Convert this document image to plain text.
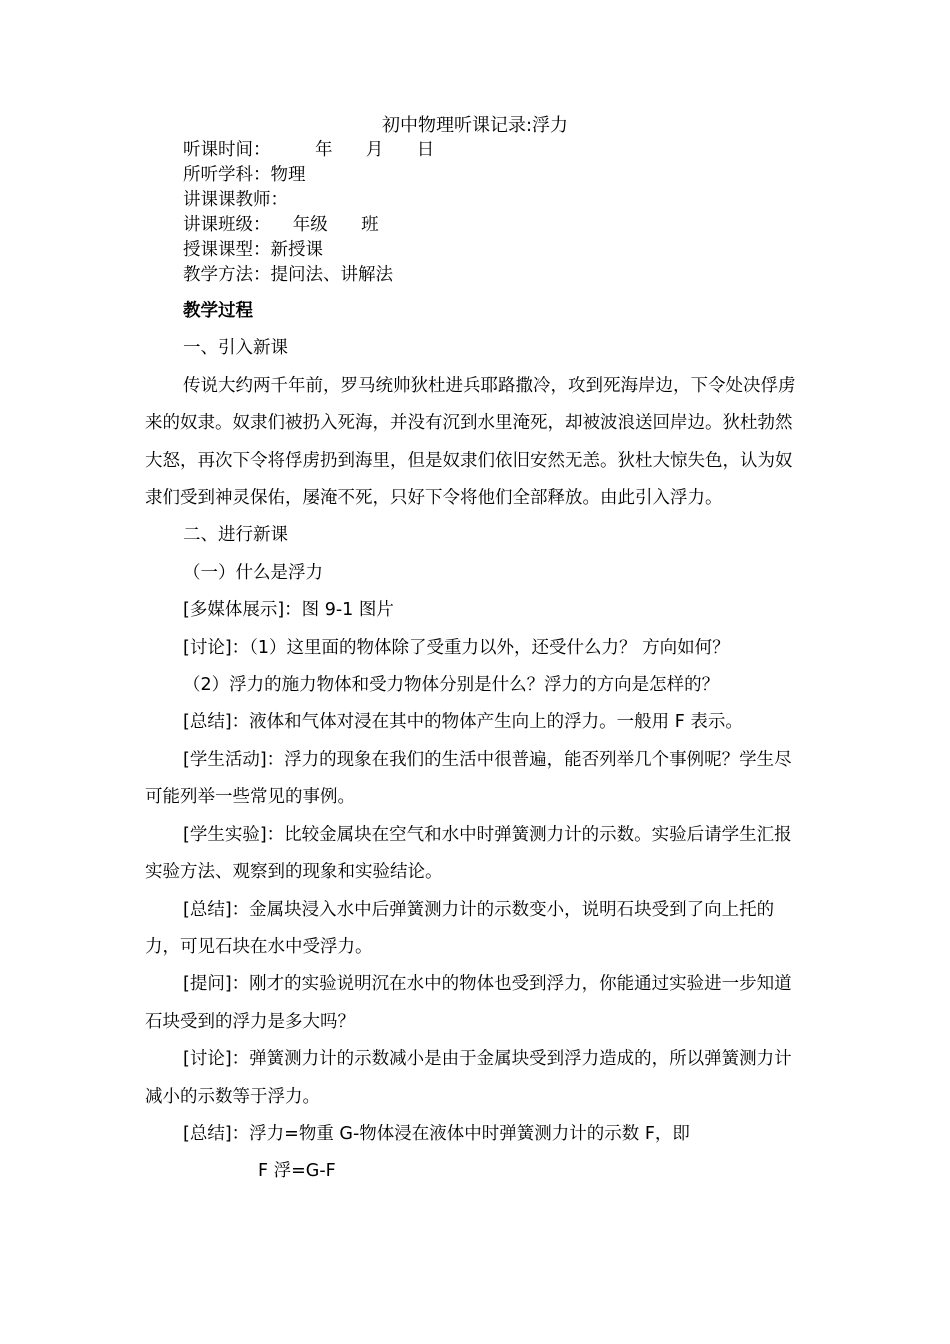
初中物理听课记录:浮力
听课时间：        年      月      日
所听学科：物理
讲课课教师：
讲课班级：    年级      班
授课课型：新授课
教学方法：提问法、讲解法

教学过程

一、引入新课

传说大约两千年前，罗马统帅狄杜进兵耶路撒冷，攻到死海岸边，下令处决俘虏来的奴隶。奴隶们被扔入死海，并没有沉到水里淹死，却被波浪送回岸边。狄杜勃然大怒，再次下令将俘虏扔到海里，但是奴隶们依旧安然无恙。狄杜大惊失色，认为奴隶们受到神灵保佑，屡淹不死，只好下令将他们全部释放。由此引入浮力。

二、进行新课

（一）什么是浮力

[多媒体展示]：图 9-1 图片

[讨论]：（1）这里面的物体除了受重力以外，还受什么力？ 方向如何？

（2）浮力的施力物体和受力物体分别是什么？浮力的方向是怎样的？

[总结]：液体和气体对浸在其中的物体产生向上的浮力。一般用 F 表示。

[学生活动]：浮力的现象在我们的生活中很普遍，能否列举几个事例呢？学生尽可能列举一些常见的事例。

[学生实验]：比较金属块在空气和水中时弹簧测力计的示数。实验后请学生汇报实验方法、观察到的现象和实验结论。

[总结]：金属块浸入水中后弹簧测力计的示数变小，说明石块受到了向上托的力，可见石块在水中受浮力。

[提问]：刚才的实验说明沉在水中的物体也受到浮力，你能通过实验进一步知道石块受到的浮力是多大吗？

[讨论]：弹簧测力计的示数减小是由于金属块受到浮力造成的，所以弹簧测力计减小的示数等于浮力。

[总结]：浮力=物重 G-物体浸在液体中时弹簧测力计的示数 F，即

F 浮=G-F
